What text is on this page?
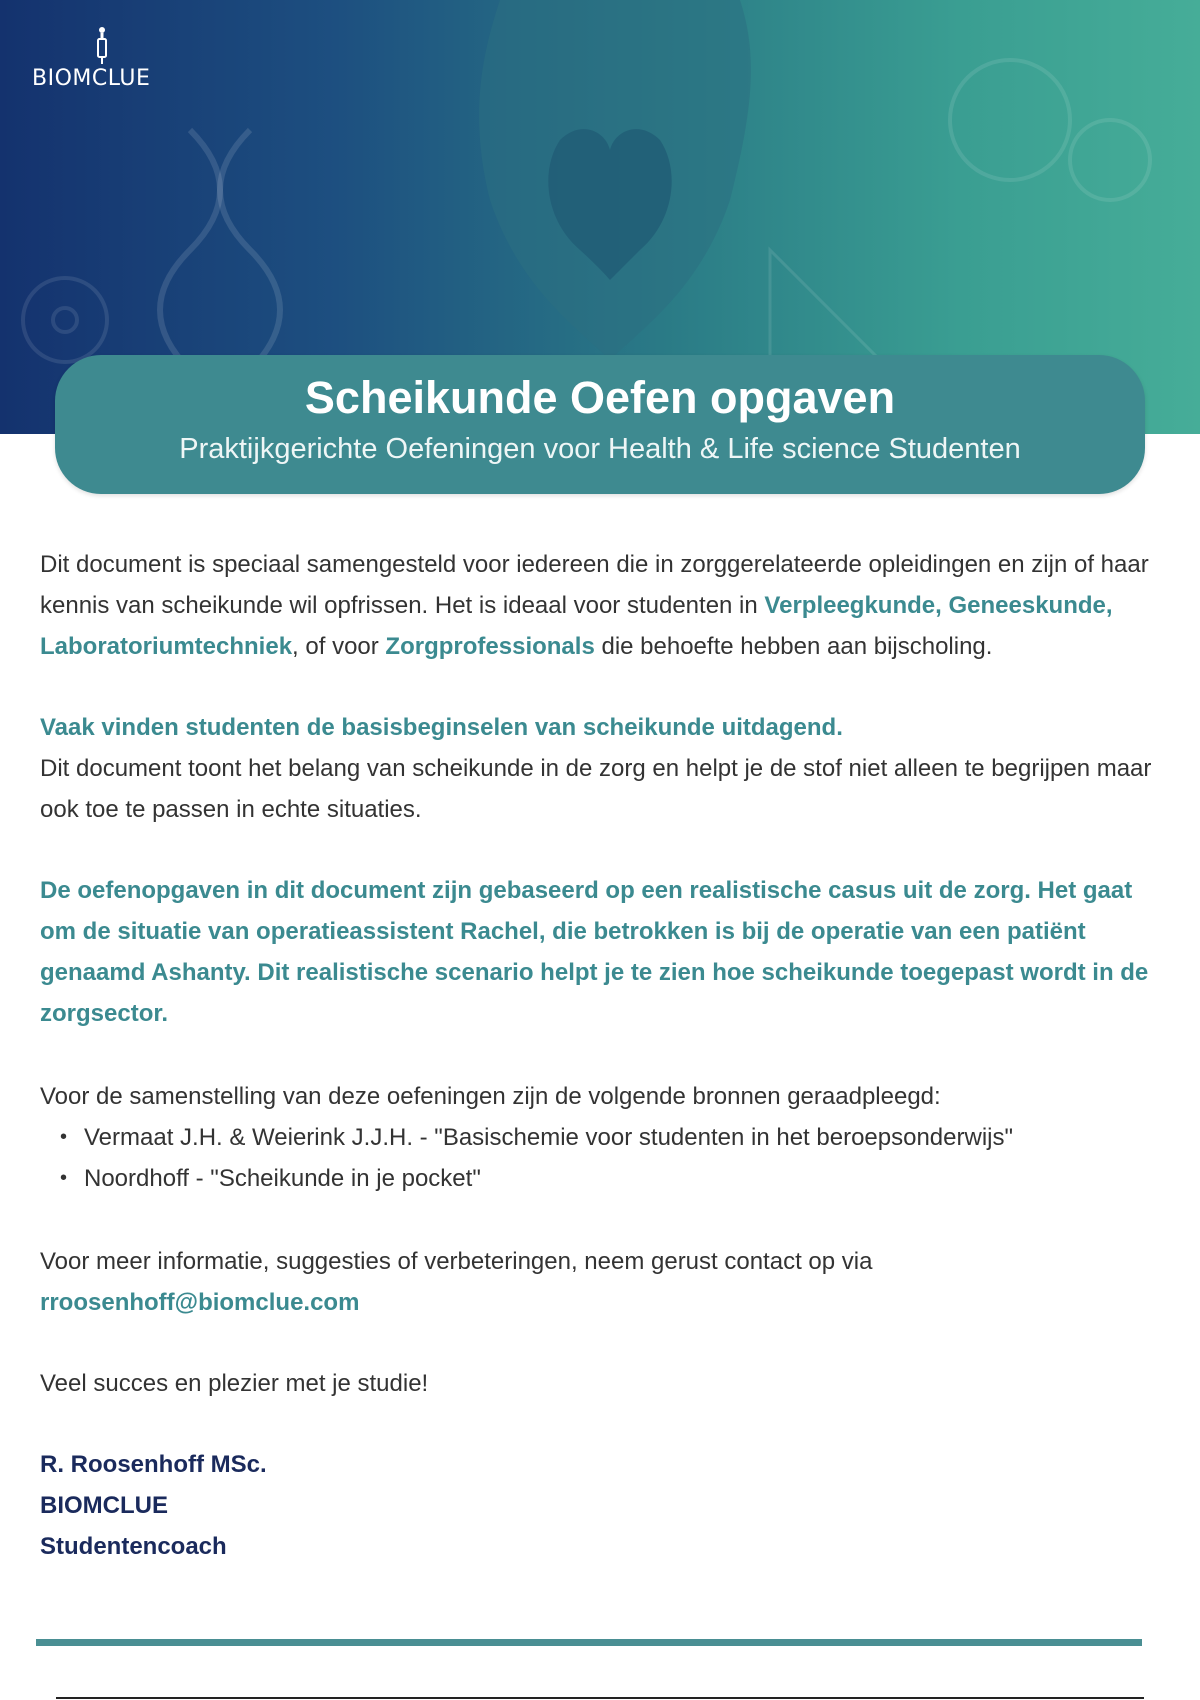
BIOMCLUE
Scheikunde Oefen opgaven
Praktijkgerichte Oefeningen voor Health & Life science Studenten

Dit document is speciaal samengesteld voor iedereen die in zorggerelateerde opleidingen en zijn of haar kennis van scheikunde wil opfrissen. Het is ideaal voor studenten in Verpleegkunde, Geneeskunde, Laboratoriumtechniek, of voor Zorgprofessionals die behoefte hebben aan bijscholing.

Vaak vinden studenten de basisbeginselen van scheikunde uitdagend.

Dit document toont het belang van scheikunde in de zorg en helpt je de stof niet alleen te begrijpen maar ook toe te passen in echte situaties.

De oefenopgaven in dit document zijn gebaseerd op een realistische casus uit de zorg. Het gaat om de situatie van operatieassistent Rachel, die betrokken is bij de operatie van een patiënt genaamd Ashanty. Dit realistische scenario helpt je te zien hoe scheikunde toegepast wordt in de zorgsector.

Voor de samenstelling van deze oefeningen zijn de volgende bronnen geraadpleegd:

• Vermaat J.H. & Weierink J.J.H. - "Basischemie voor studenten in het beroepsonderwijs"
• Noordhoff - "Scheikunde in je pocket"

Voor meer informatie, suggesties of verbeteringen, neem gerust contact op via

rroosenhoff@biomclue.com

Veel succes en plezier met je studie!

R. Roosenhoff MSc.

BIOMCLUE

Studentencoach
